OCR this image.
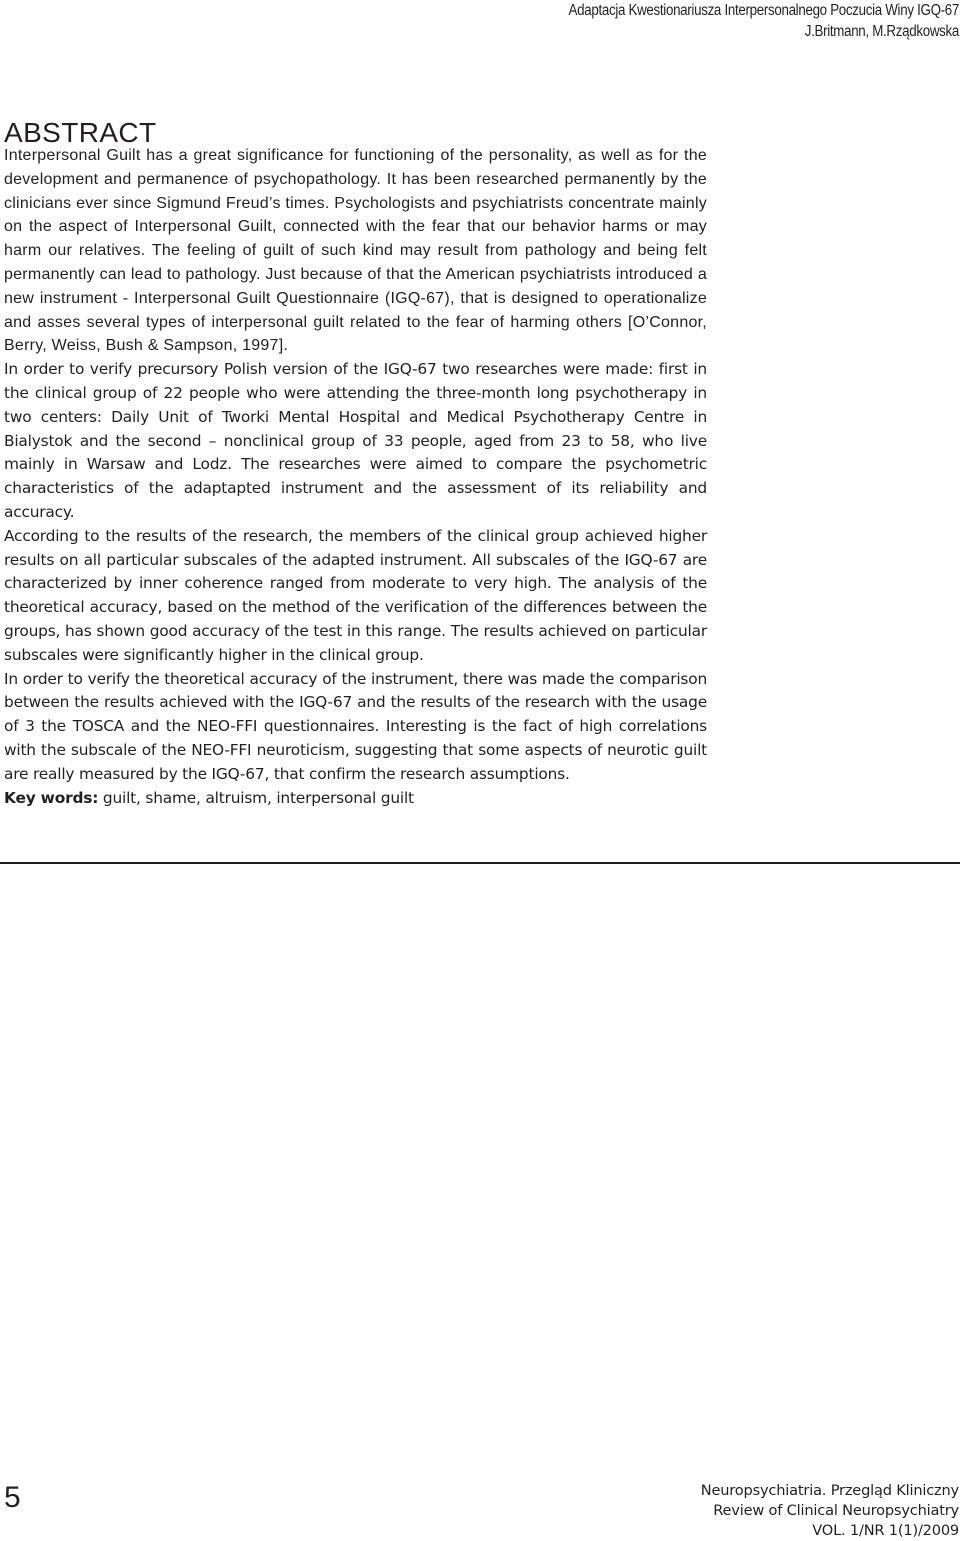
Adaptacja Kwestionariusza Interpersonalnego Poczucia Winy IGQ-67
J.Britmann, M.Rządkowska
ABSTRACT

Interpersonal Guilt has a great significance for functioning of the personality, as well as for the development and permanence of psychopathology. It has been researched permanently by the clinicians ever since Sigmund Freud’s times. Psychologists and psychiatrists concentrate mainly on the aspect of Interpersonal Guilt, connected with the fear that our behavior harms or may harm our relatives. The feeling of guilt of such kind may result from pathology and being felt permanently can lead to pathology. Just because of that the American psychiatrists introduced a new instrument - Interpersonal Guilt Questionnaire (IGQ-67), that is designed to operationalize and asses several types of interpersonal guilt related to the fear of harming others [O’Connor, Berry, Weiss, Bush & Sampson, 1997].

In order to verify precursory Polish version of the IGQ-67 two researches were made: first in the clinical group of 22 people who were attending the three-month long psychotherapy in two centers: Daily Unit of Tworki Mental Hospital and Medical Psychotherapy Centre in Bialystok and the second – nonclinical group of 33 people, aged from 23 to 58, who live mainly in Warsaw and Lodz. The researches were aimed to compare the psychometric characteristics of the adaptapted instrument and the assessment of its reliability and accuracy.

According to the results of the research, the members of the clinical group achieved higher results on all particular subscales of the adapted instrument. All subscales of the IGQ-67 are characterized by inner coherence ranged from moderate to very high. The analysis of the theoretical accuracy, based on the method of the verification of the differences between the groups, has shown good accuracy of the test in this range. The results achieved on particular subscales were significantly higher in the clinical group.

In order to verify the theoretical accuracy of the instrument, there was made the comparison between the results achieved with the IGQ-67 and the results of the research with the usage of 3 the TOSCA and the NEO-FFI questionnaires. Interesting is the fact of high correlations with the subscale of the NEO-FFI neuroticism, suggesting that some aspects of neurotic guilt are really measured by the IGQ-67, that confirm the research assumptions.

Key words: guilt, shame, altruism, interpersonal guilt

5	Neuropsychiatria. Przegląd Kliniczny
Review of Clinical Neuropsychiatry
VOL. 1/NR 1(1)/2009
